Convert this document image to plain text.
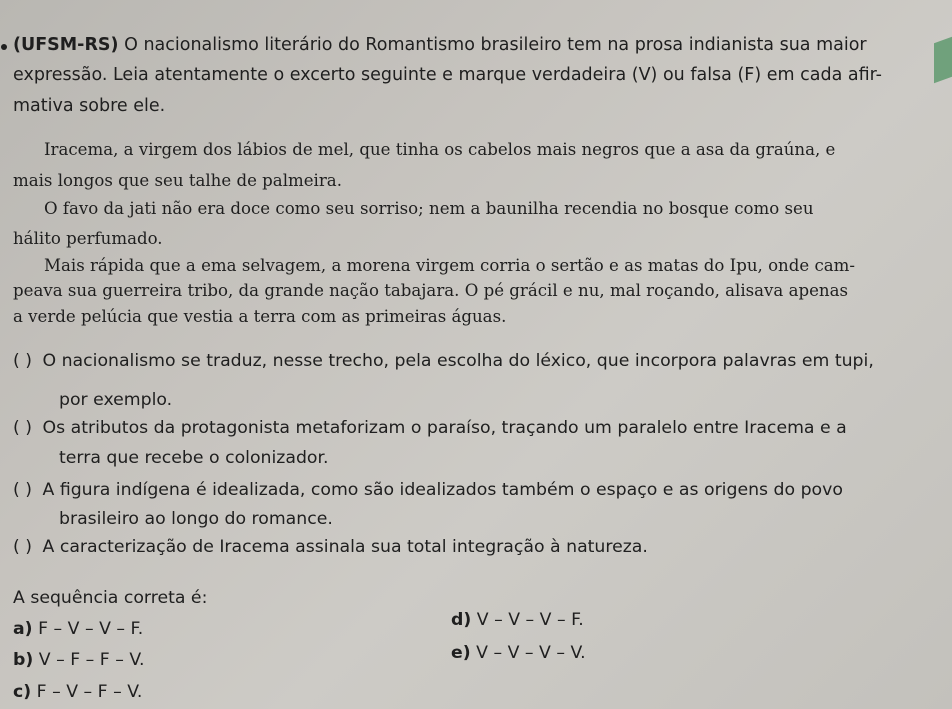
(UFSM-RS) O nacionalismo literário do Romantismo brasileiro tem na prosa indianista sua maior
expressão. Leia atentamente o excerto seguinte e marque verdadeira (V) ou falsa (F) em cada afir-
mativa sobre ele.
Iracema, a virgem dos lábios de mel, que tinha os cabelos mais negros que a asa da graúna, e
mais longos que seu talhe de palmeira.
O favo da jati não era doce como seu sorriso; nem a baunilha recendia no bosque como seu
hálito perfumado.
Mais rápida que a ema selvagem, a morena virgem corria o sertão e as matas do Ipu, onde cam-
peava sua guerreira tribo, da grande nação tabajara. O pé grácil e nu, mal roçando, alisava apenas
a verde pelúcia que vestia a terra com as primeiras águas.
( ) O nacionalismo se traduz, nesse trecho, pela escolha do léxico, que incorpora palavras em tupi,
por exemplo.
( ) Os atributos da protagonista metaforizam o paraíso, traçando um paralelo entre Iracema e a
terra que recebe o colonizador.
( ) A figura indígena é idealizada, como são idealizados também o espaço e as origens do povo
brasileiro ao longo do romance.
( ) A caracterização de Iracema assinala sua total integração à natureza.
A sequência correta é:
a) F – V – V – F.
b) V – F – F – V.
c) F – V – F – V.
d) V – V – V – F.
e) V – V – V – V.
